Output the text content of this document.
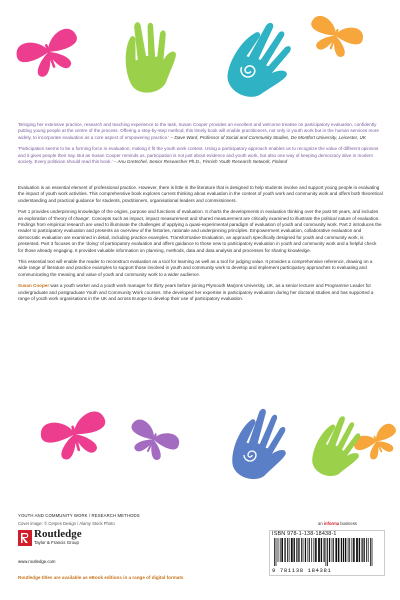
'Bringing her extensive practice, research and teaching experience to the task, Susan Cooper provides an excellent and welcome treatise on participatory evaluation, confidently putting young people at the centre of the process. Offering a step-by-step method, this timely book will enable practitioners, not only in youth work but in the human services more widely, to incorporate evaluation as a core aspect of empowering practice.' – Dave Ward, Professor of Social and Community Studies, De Montfort University, Leicester, UK

'Participation seems to be a forming force in evaluation, making it fit the youth work context. Using a participatory approach enables us to recognize the value of different opinions and it gives people their say. But as Susan Cooper reminds us, participation is not just about evidence and youth work, but also one way of keeping democracy alive in modern society. Every politician should read this book.' – Anu Gretschel, Senior Researcher Ph.D., Finnish Youth Research Network, Finland

Evaluation is an essential element of professional practice. However, there is little in the literature that is designed to help students involve and support young people in evaluating the impact of youth work activities. This comprehensive book explores current thinking about evaluation in the context of youth work and community work and offers both theoretical understanding and practical guidance for students, practitioners, organisational leaders and commissioners.

Part 1 provides underpinning knowledge of the origins, purpose and functions of evaluation. It charts the developments in evaluation thinking over the past 50 years, and includes an exploration of 'theory of change'. Concepts such as impact, impact measurement and shared measurement are critically examined to illustrate the political nature of evaluation. Findings from empirical research are used to illuminate the challenges of applying a quasi-experimental paradigm of evaluation of youth and community work. Part 2 introduces the reader to participatory evaluation and presents an overview of the histories, rationale and underpinning principles. Empowerment evaluation, collaborative evaluation and democratic evaluation are examined in detail, including practice examples. Transformative Evaluation, an approach specifically designed for youth and community work, is presented. Part 3 focuses on the 'doing' of participatory evaluation and offers guidance to those new to participatory evaluation in youth and community work and a helpful check for those already engaging. It provides valuable information on planning, methods, data and data analysis and processes for sharing knowledge.

This essential text will enable the reader to reconstruct evaluation as a tool for learning as well as a tool for judging value. It provides a comprehensive reference, drawing on a wide range of literature and practice examples to support those involved in youth and community work to develop and implement participatory approaches to evaluating and communicating the meaning and value of youth and community work to a wider audience.

Susan Cooper was a youth worker and a youth work manager for thirty years before joining Plymouth Marjons University, UK, as a senior lecturer and Programme Leader for undergraduate and postgraduate Youth and Community Work courses. She developed her expertise in participatory evaluation during her doctoral studies and has supported a range of youth work organisations in the UK and across Europe to develop their use of participatory evaluation.

YOUTH AND COMMUNITY WORK / RESEARCH METHODS
Cover image: © Cerpes Design / Alamy Stock Photo
Routledge
Taylor & Francis Group
www.routledge.com
Routledge titles are available as eBook editions in a range of digital formats
an informa business
ISBN 978-1-138-18438-1
9 781138 184381
